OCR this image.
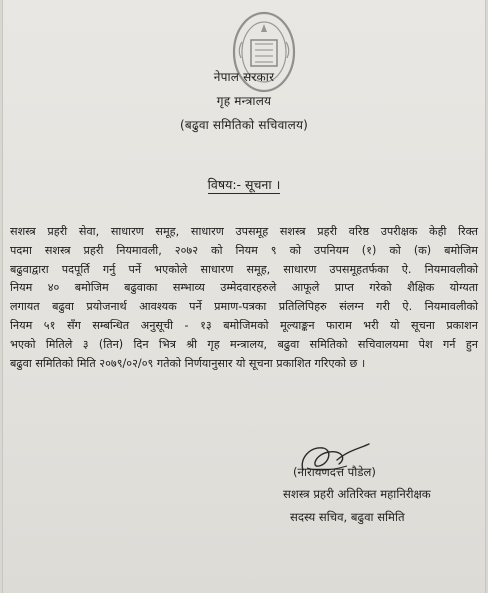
नेपाल सरकार
गृह मन्त्रालय
(बढुवा समितिको सचिवालय)
विषय:- सूचना ।
सशस्त्र प्रहरी सेवा, साधारण समूह, साधारण उपसमूह सशस्त्र प्रहरी वरिष्ठ उपरीक्षक केही रिक्त
पदमा सशस्त्र प्रहरी नियमावली, २०७२ को नियम ९ को उपनियम (१) को (क) बमोजिम
बढुवाद्वारा पदपूर्ति गर्नु पर्ने भएकोले साधारण समूह, साधारण उपसमूहतर्फका ऐ. नियमावलीको
नियम ४० बमोजिम बढुवाका सम्भाव्य उम्मेदवारहरुले आफूले प्राप्त गरेको शैक्षिक योग्यता
लगायत बढुवा प्रयोजनार्थ आवश्यक पर्ने प्रमाण-पत्रका प्रतिलिपिहरु संलग्न गरी ऐ. नियमावलीको
नियम ५१ सँग सम्बन्धित अनुसूची - १३ बमोजिमको मूल्याङ्कन फाराम भरी यो सूचना प्रकाशन
भएको मितिले ३ (तिन) दिन भित्र श्री गृह मन्त्रालय, बढुवा समितिको सचिवालयमा पेश गर्न हुन
बढुवा समितिको मिति २०७९/०२/०९ गतेको निर्णयानुसार यो सूचना प्रकाशित गरिएको छ ।
(नारायणदत्त पौडेल)
सशस्त्र प्रहरी अतिरिक्त महानिरीक्षक
सदस्य सचिव, बढुवा समिति
